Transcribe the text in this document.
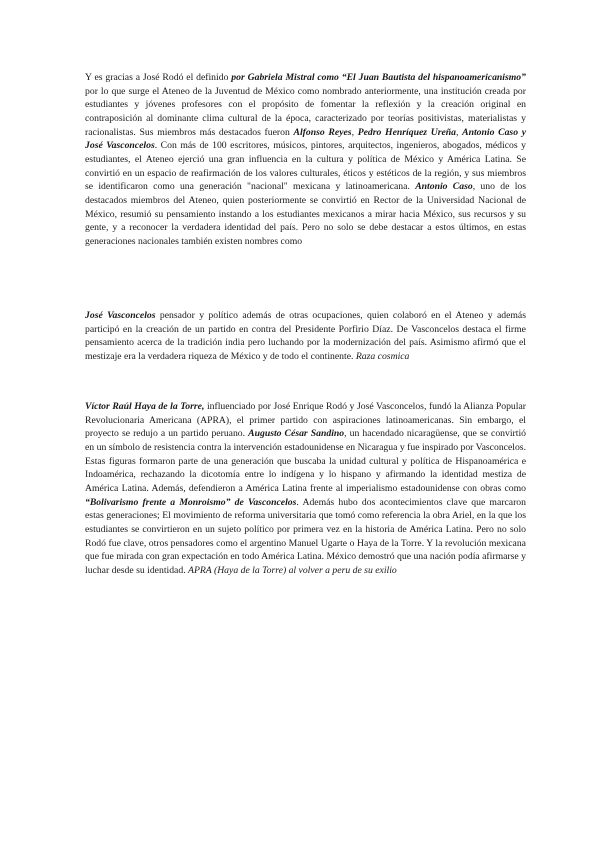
Y es gracias a José Rodó el definido por Gabriela Mistral como “El Juan Bautista del hispanoamericanismo” por lo que surge el Ateneo de la Juventud de México como nombrado anteriormente, una institución creada por estudiantes y jóvenes profesores con el propósito de fomentar la reflexión y la creación original en contraposición al dominante clima cultural de la época, caracterizado por teorías positivistas, materialistas y racionalistas. Sus miembros más destacados fueron Alfonso Reyes, Pedro Henríquez Ureña, Antonio Caso y José Vasconcelos. Con más de 100 escritores, músicos, pintores, arquitectos, ingenieros, abogados, médicos y estudiantes, el Ateneo ejerció una gran influencia en la cultura y política de México y América Latina. Se convirtió en un espacio de reafirmación de los valores culturales, éticos y estéticos de la región, y sus miembros se identificaron como una generación "nacional" mexicana y latinoamericana. Antonio Caso, uno de los destacados miembros del Ateneo, quien posteriormente se convirtió en Rector de la Universidad Nacional de México, resumió su pensamiento instando a los estudiantes mexicanos a mirar hacia México, sus recursos y su gente, y a reconocer la verdadera identidad del país. Pero no solo se debe destacar a estos últimos, en estas generaciones nacionales también existen nombres como

José Vasconcelos pensador y político además de otras ocupaciones, quien colaboró en el Ateneo y además participó en la creación de un partido en contra del Presidente Porfirio Díaz. De Vasconcelos destaca el firme pensamiento acerca de la tradición india pero luchando por la modernización del país. Asimismo afirmó que el mestizaje era la verdadera riqueza de México y de todo el continente. Raza cosmica

Víctor Raúl Haya de la Torre, influenciado por José Enrique Rodó y José Vasconcelos, fundó la Alianza Popular Revolucionaria Americana (APRA), el primer partido con aspiraciones latinoamericanas. Sin embargo, el proyecto se redujo a un partido peruano. Augusto César Sandino, un hacendado nicaragüense, que se convirtió en un símbolo de resistencia contra la intervención estadounidense en Nicaragua y fue inspirado por Vasconcelos. Estas figuras formaron parte de una generación que buscaba la unidad cultural y política de Hispanoamérica e Indoamérica, rechazando la dicotomía entre lo indígena y lo hispano y afirmando la identidad mestiza de América Latina. Además, defendieron a América Latina frente al imperialismo estadounidense con obras como “Bolivarismo frente a Monroismo” de Vasconcelos. Además hubo dos acontecimientos clave que marcaron estas generaciones; El movimiento de reforma universitaria que tomó como referencia la obra Ariel, en la que los estudiantes se convirtieron en un sujeto político por primera vez en la historia de América Latina. Pero no solo Rodó fue clave, otros pensadores como el argentino Manuel Ugarte o Haya de la Torre. Y la revolución mexicana que fue mirada con gran expectación en todo América Latina. México demostró que una nación podía afirmarse y luchar desde su identidad. APRA (Haya de la Torre) al volver a peru de su exilio
